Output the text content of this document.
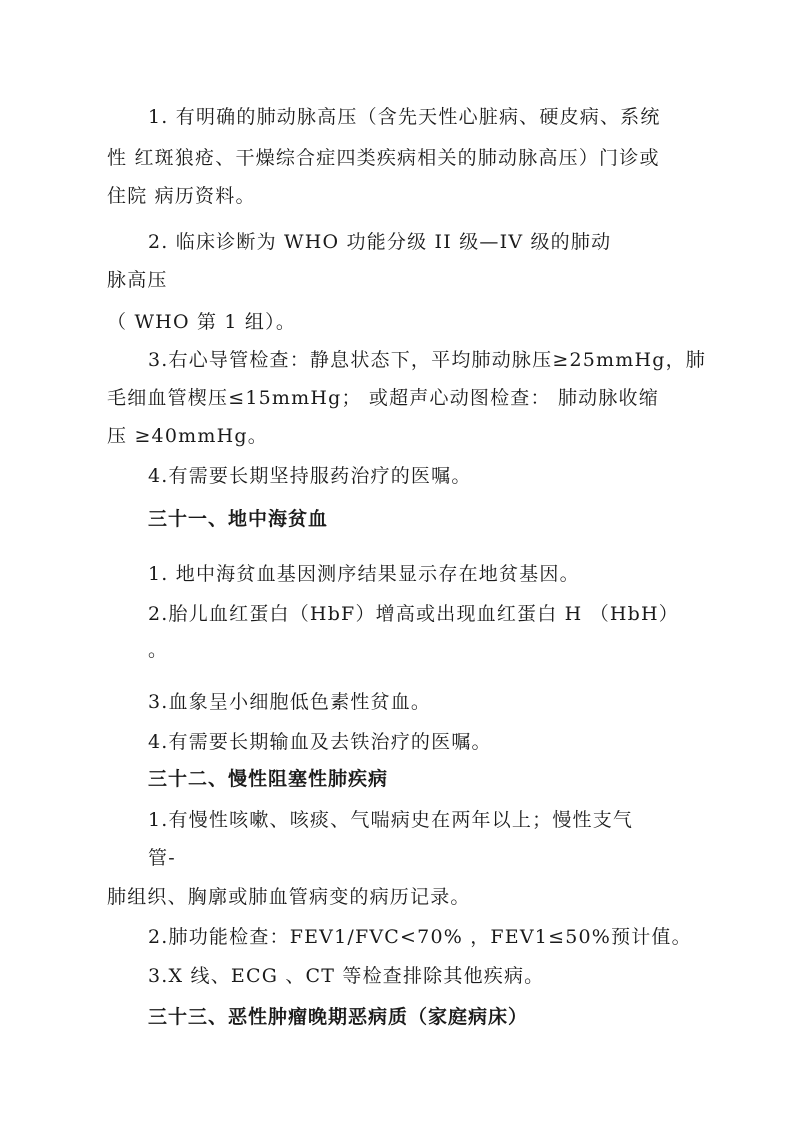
1. 有明确的肺动脉高压（含先天性心脏病、硬皮病、系统
性 红斑狼疮、干燥综合症四类疾病相关的肺动脉高压）门诊或
住院 病历资料。
2. 临床诊断为 WHO 功能分级 II 级—IV 级的肺动
脉高压
（ WHO 第 1 组）。
3.右心导管检查：静息状态下，平均肺动脉压≥25mmHg，肺
毛细血管楔压≤15mmHg； 或超声心动图检查： 肺动脉收缩
压 ≥40mmHg。
4.有需要长期坚持服药治疗的医嘱。
三十一、地中海贫血
1. 地中海贫血基因测序结果显示存在地贫基因。
2.胎儿血红蛋白（HbF）增高或出现血红蛋白 H （HbH）
。
3.血象呈小细胞低色素性贫血。
4.有需要长期输血及去铁治疗的医嘱。
三十二、慢性阻塞性肺疾病
1.有慢性咳嗽、咳痰、气喘病史在两年以上；慢性支气
管-
肺组织、胸廓或肺血管病变的病历记录。
2.肺功能检查：FEV1/FVC<70% ，FEV1≤50%预计值。
3.X 线、ECG 、CT 等检查排除其他疾病。
三十三、恶性肿瘤晚期恶病质（家庭病床）
